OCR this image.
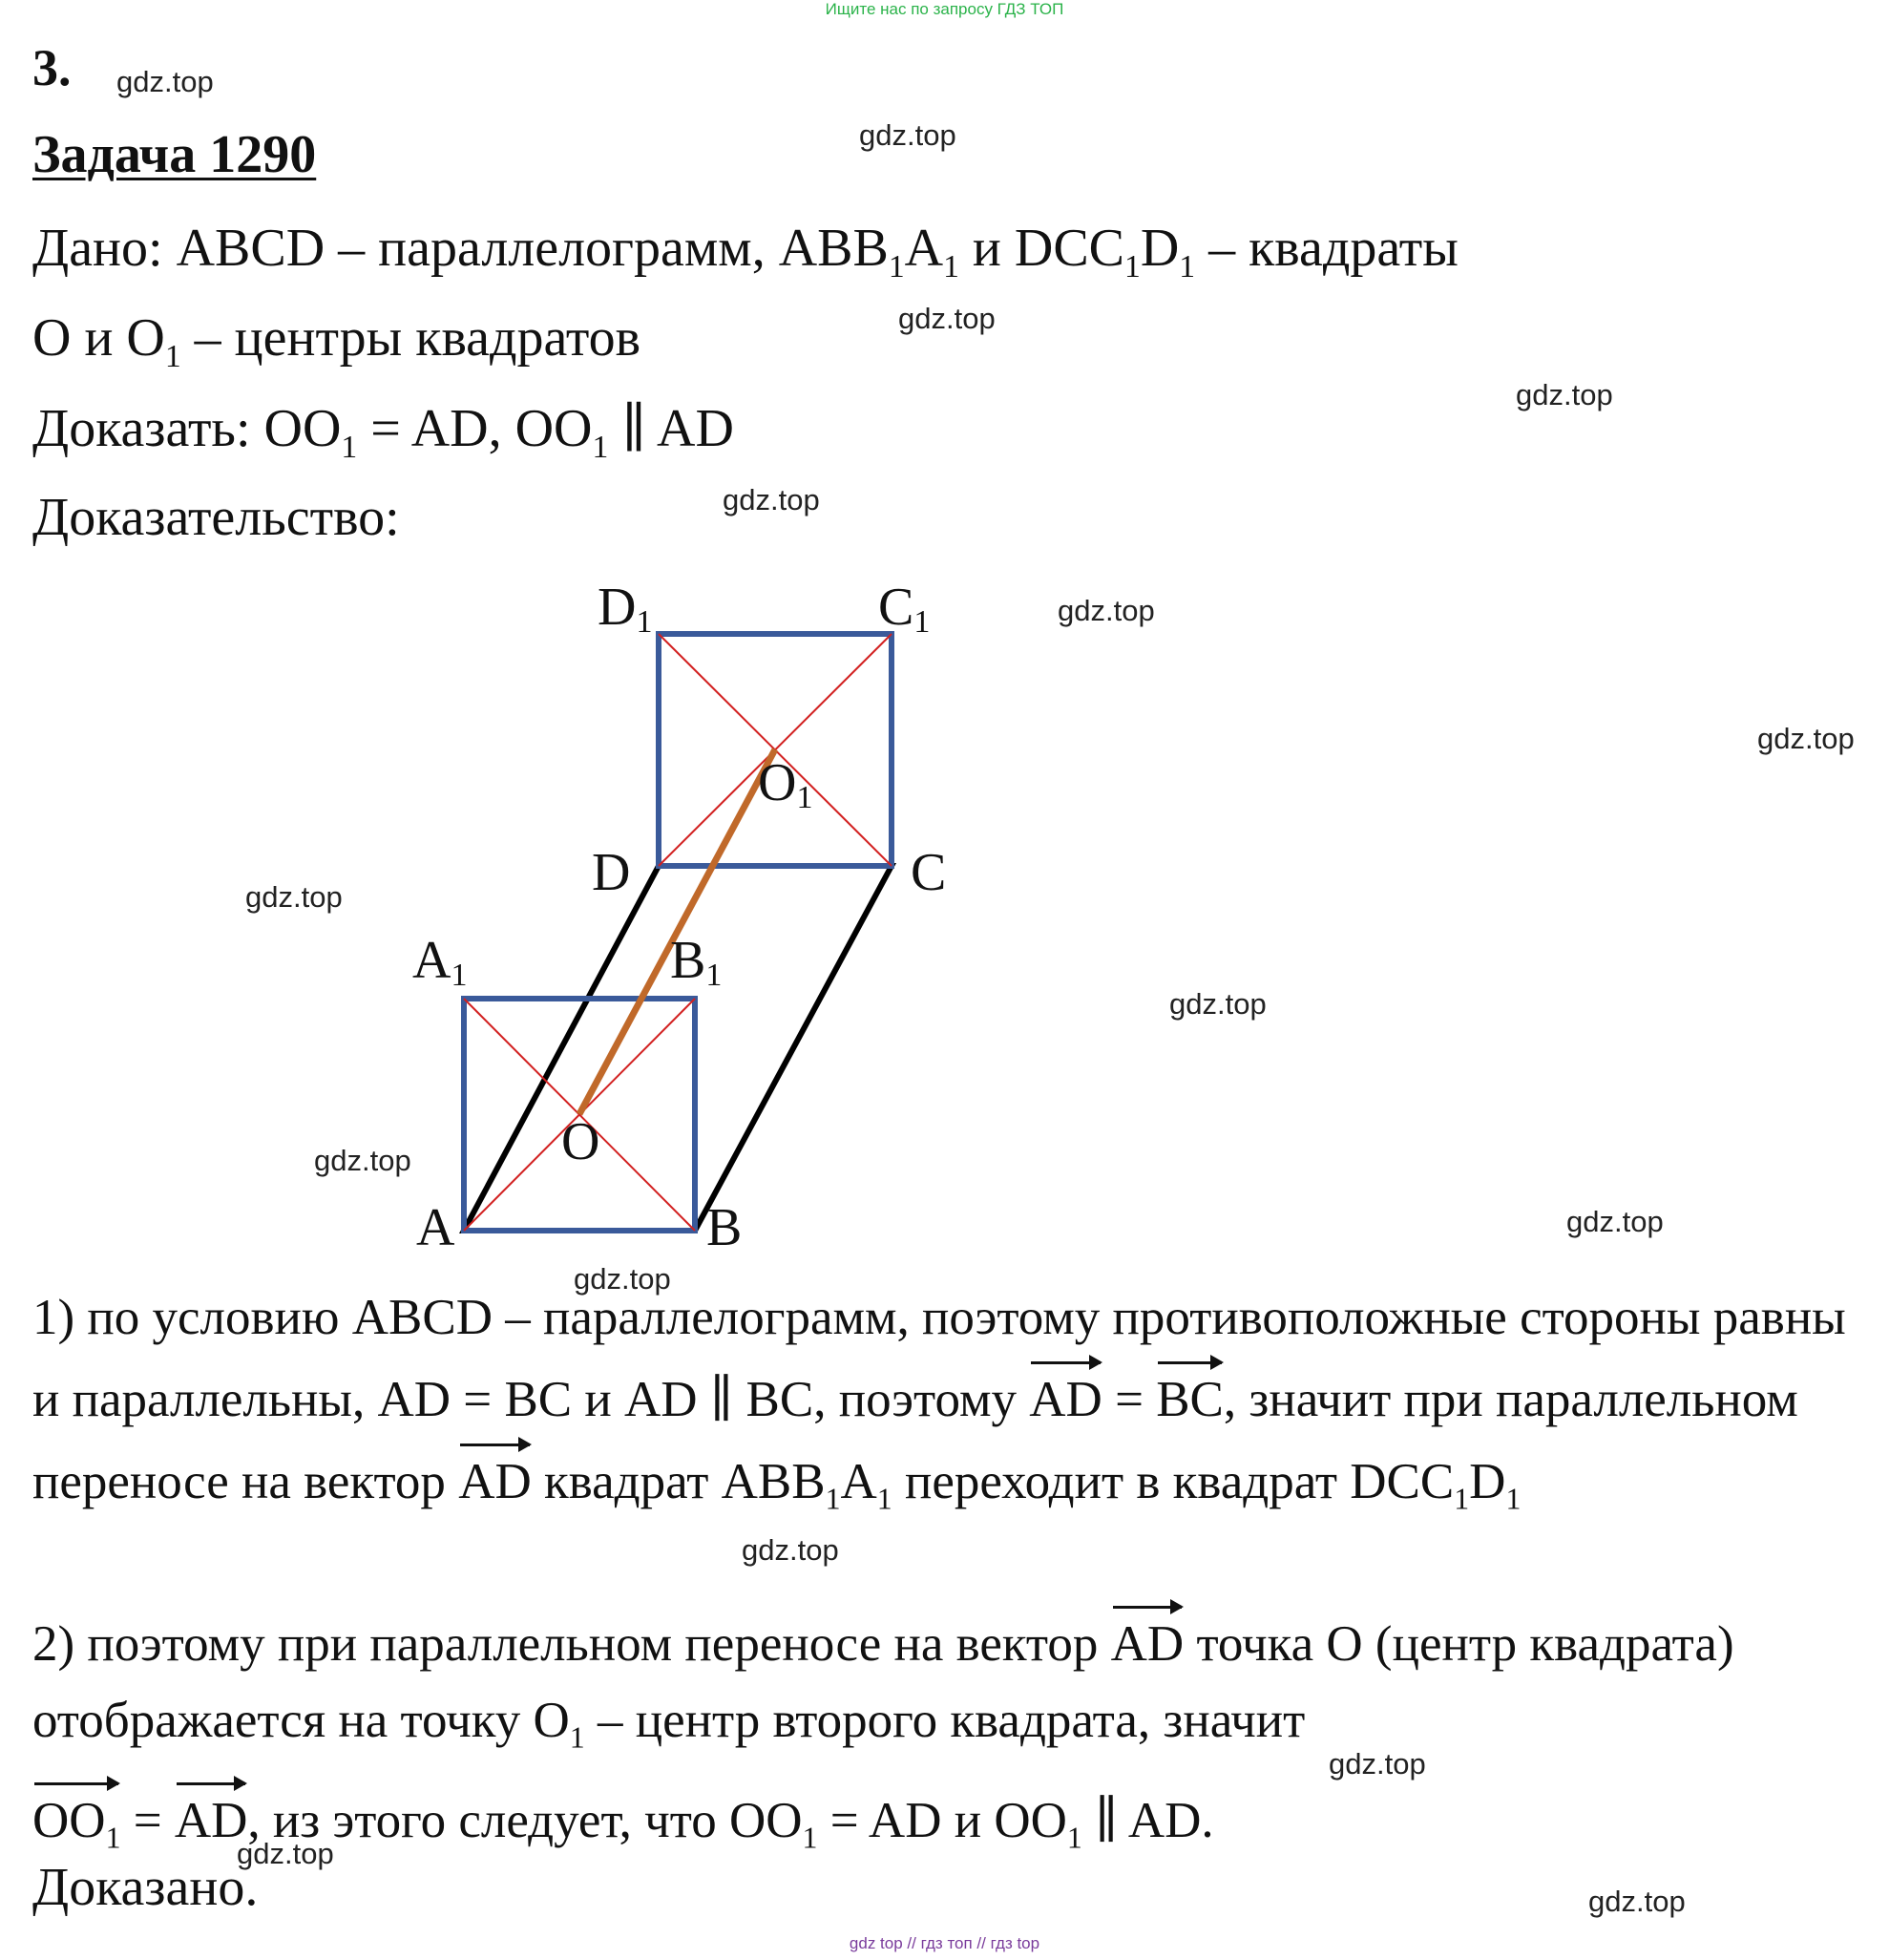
Ищите нас по запросу ГДЗ ТОП
3.
Задача 1290
Дано: ABCD – параллелограмм, $ABB_1A_1$ и $DCC_1D_1$ – квадраты
O и $O_1$ – центры квадратов
Доказать: $OO_1$ = AD, $OO_1$ ∥ AD
Доказательство:
D1	C1
O1
D	C
A1	B1
O
A	B
1) по условию ABCD – параллелограмм, поэтому противоположные стороны равны и параллельны, AD = BC и AD ∥ BC, поэтому AD = BC, значит при параллельном переносе на вектор AD квадрат $ABB_1A_1$ переходит в квадрат $DCC_1D_1$
2) поэтому при параллельном переносе на вектор AD точка O (центр квадрата) отображается на точку $O_1$ – центр второго квадрата, значит
$OO_1$ = AD, из этого следует, что $OO_1$ = AD и $OO_1$ ∥ AD.
Доказано.
gdz.top
gdz.top
gdz.top
gdz.top
gdz.top
gdz.top
gdz.top
gdz.top
gdz.top
gdz.top
gdz.top
gdz.top
gdz.top
gdz.top
gdz.top
gdz.top
gdz top // гдз топ // гдз top
